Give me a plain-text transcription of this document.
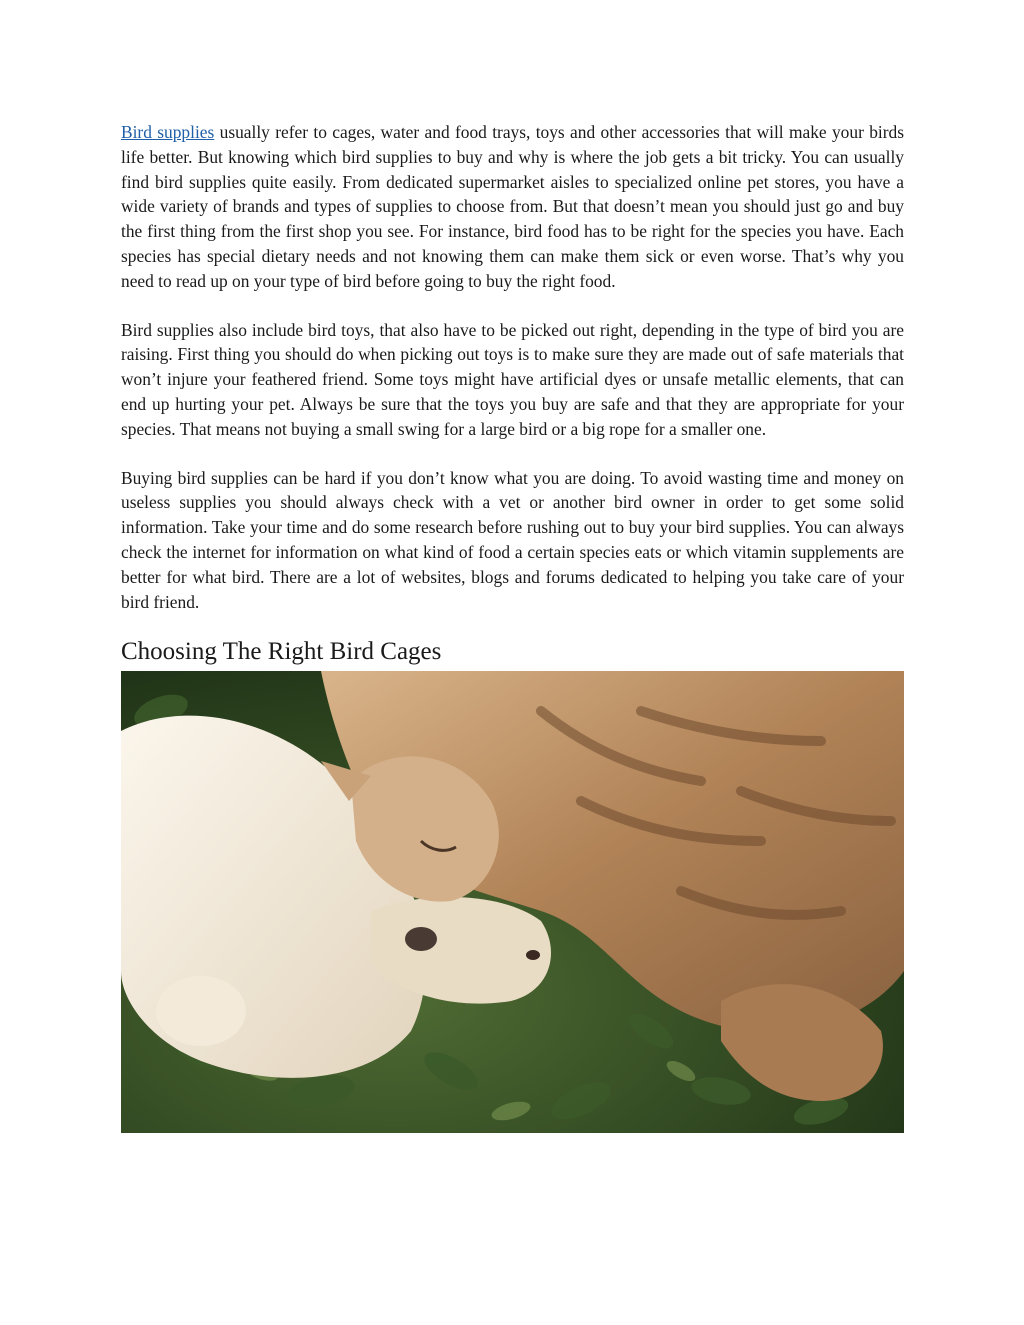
Bird supplies usually refer to cages, water and food trays, toys and other accessories that will make your birds life better. But knowing which bird supplies to buy and why is where the job gets a bit tricky. You can usually find bird supplies quite easily. From dedicated supermarket aisles to specialized online pet stores, you have a wide variety of brands and types of supplies to choose from. But that doesn’t mean you should just go and buy the first thing from the first shop you see. For instance, bird food has to be right for the species you have. Each species has special dietary needs and not knowing them can make them sick or even worse. That’s why you need to read up on your type of bird before going to buy the right food.

Bird supplies also include bird toys, that also have to be picked out right, depending in the type of bird you are raising. First thing you should do when picking out toys is to make sure they are made out of safe materials that won’t injure your feathered friend. Some toys might have artificial dyes or unsafe metallic elements, that can end up hurting your pet. Always be sure that the toys you buy are safe and that they are appropriate for your species. That means not buying a small swing for a large bird or a big rope for a smaller one.

Buying bird supplies can be hard if you don’t know what you are doing. To avoid wasting time and money on useless supplies you should always check with a vet or another bird owner in order to get some solid information. Take your time and do some research before rushing out to buy your bird supplies. You can always check the internet for information on what kind of food a certain species eats or which vitamin supplements are better for what bird. There are a lot of websites, blogs and forums dedicated to helping you take care of your bird friend.

Choosing The Right Bird Cages
